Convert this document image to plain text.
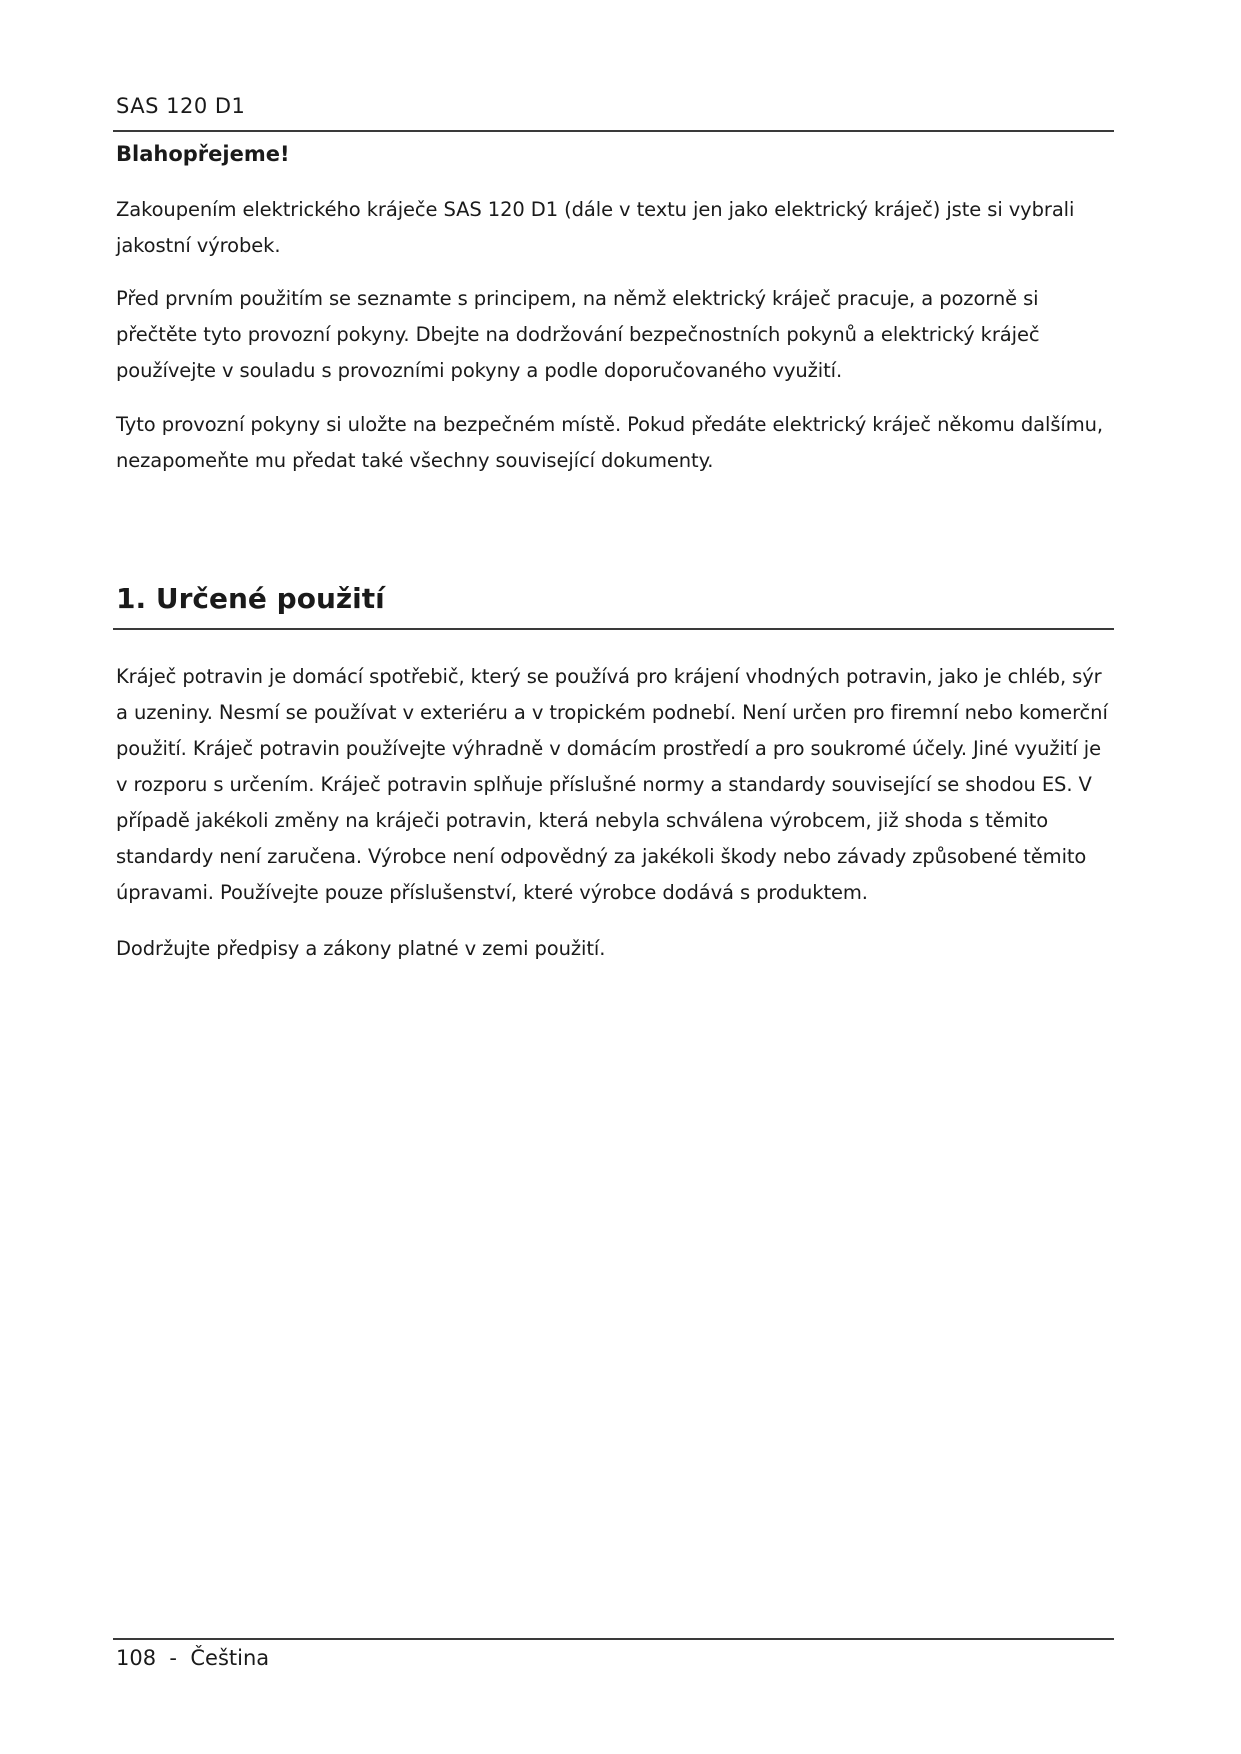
SAS 120 D1
Blahopřejeme!

Zakoupením elektrického kráječe SAS 120 D1 (dále v textu jen jako elektrický kráječ) jste si vybrali jakostní výrobek.

Před prvním použitím se seznamte s principem, na němž elektrický kráječ pracuje, a pozorně si přečtěte tyto provozní pokyny. Dbejte na dodržování bezpečnostních pokynů a elektrický kráječ používejte v souladu s provozními pokyny a podle doporučovaného využití.

Tyto provozní pokyny si uložte na bezpečném místě. Pokud předáte elektrický kráječ někomu dalšímu, nezapomeňte mu předat také všechny související dokumenty.

1. Určené použití

Kráječ potravin je domácí spotřebič, který se používá pro krájení vhodných potravin, jako je chléb, sýr a uzeniny. Nesmí se používat v exteriéru a v tropickém podnebí. Není určen pro firemní nebo komerční použití. Kráječ potravin používejte výhradně v domácím prostředí a pro soukromé účely. Jiné využití je v rozporu s určením. Kráječ potravin splňuje příslušné normy a standardy související se shodou ES. V případě jakékoli změny na kráječi potravin, která nebyla schválena výrobcem, již shoda s těmito standardy není zaručena. Výrobce není odpovědný za jakékoli škody nebo závady způsobené těmito úpravami. Používejte pouze příslušenství, které výrobce dodává s produktem.

Dodržujte předpisy a zákony platné v zemi použití.

108  -  Čeština
